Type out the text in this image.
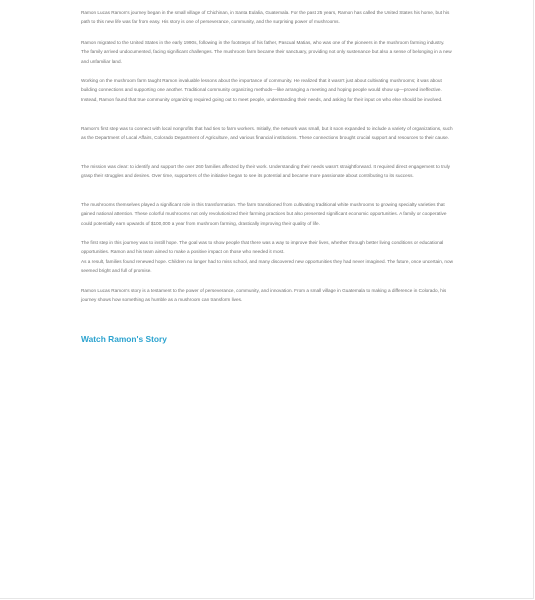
Ramon Lucas Ramon's journey began in the small village of Chichinan, in Santa Eulalia, Guatemala. For the past 25 years, Ramon has called the United States his home, but his path to this new life was far from easy. His story is one of perseverance, community, and the surprising power of mushrooms.

Ramon migrated to the United States in the early 1990s, following in the footsteps of his father, Pascual Matias, who was one of the pioneers in the mushroom farming industry. The family arrived undocumented, facing significant challenges. The mushroom farm became their sanctuary, providing not only sustenance but also a sense of belonging in a new and unfamiliar land.

Working on the mushroom farm taught Ramon invaluable lessons about the importance of community. He realized that it wasn't just about cultivating mushrooms; it was about building connections and supporting one another. Traditional community organizing methods—like arranging a meeting and hoping people would show up—proved ineffective. Instead, Ramon found that true community organizing required going out to meet people, understanding their needs, and asking for their input on who else should be involved.

Ramon's first step was to connect with local nonprofits that had ties to farm workers. Initially, the network was small, but it soon expanded to include a variety of organizations, such as the Department of Local Affairs, Colorado Department of Agriculture, and various financial institutions. These connections brought crucial support and resources to their cause.

The mission was clear: to identify and support the over 260 families affected by their work. Understanding their needs wasn't straightforward. It required direct engagement to truly grasp their struggles and desires. Over time, supporters of the initiative began to see its potential and became more passionate about contributing to its success.

The mushrooms themselves played a significant role in this transformation. The farm transitioned from cultivating traditional white mushrooms to growing specialty varieties that gained national attention. These colorful mushrooms not only revolutionized their farming practices but also presented significant economic opportunities. A family or cooperative could potentially earn upwards of $100,000 a year from mushroom farming, drastically improving their quality of life.

The first step in this journey was to instill hope. The goal was to show people that there was a way to improve their lives, whether through better living conditions or educational opportunities. Ramon and his team aimed to make a positive impact on those who needed it most.
As a result, families found renewed hope. Children no longer had to miss school, and many discovered new opportunities they had never imagined. The future, once uncertain, now seemed bright and full of promise.

Ramon Lucas Ramon's story is a testament to the power of perseverance, community, and innovation. From a small village in Guatemala to making a difference in Colorado, his journey shows how something as humble as a mushroom can transform lives.

Watch Ramon's Story
